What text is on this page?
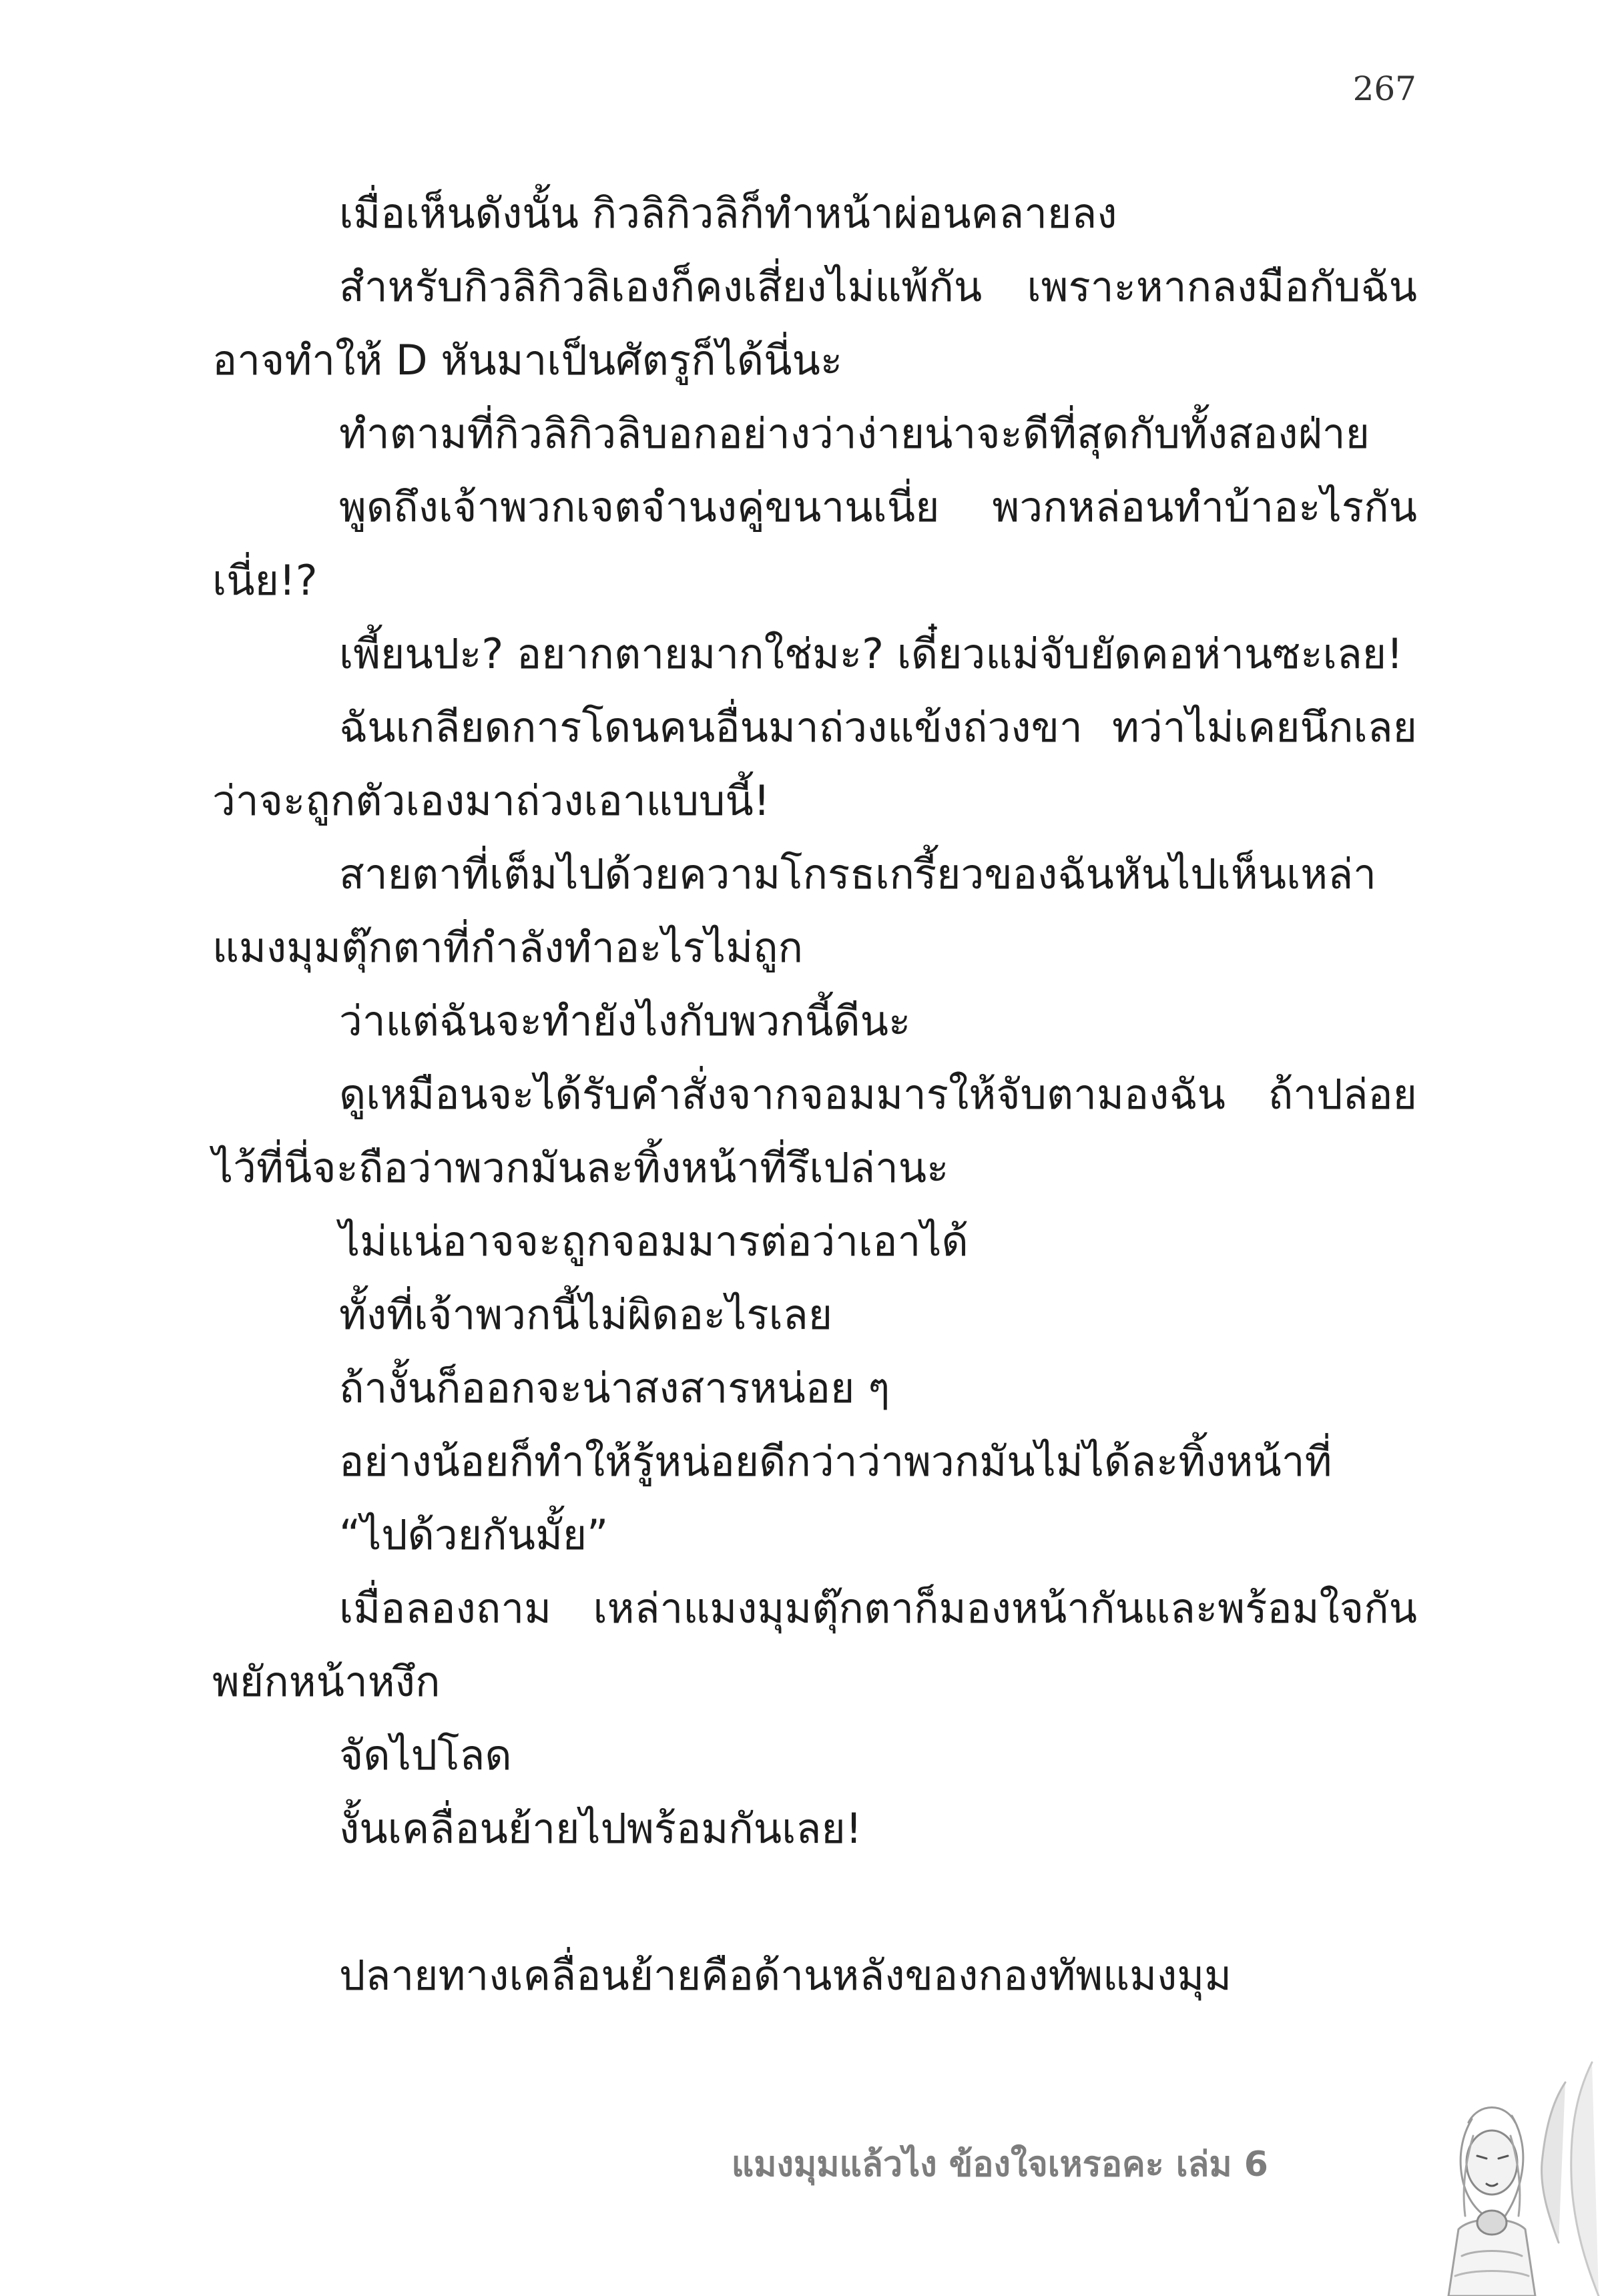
267

เมื่อเห็นดังนั้น กิวลิกิวลิก็ทำหน้าผ่อนคลายลง

สำหรับกิวลิกิวลิเองก็คงเสี่ยงไม่แพ้กัน เพราะหากลงมือกับฉัน อาจทำให้ D หันมาเป็นศัตรูก็ได้นี่นะ

ทำตามที่กิวลิกิวลิบอกอย่างว่าง่ายน่าจะดีที่สุดกับทั้งสองฝ่าย

พูดถึงเจ้าพวกเจตจำนงคู่ขนานเนี่ย พวกหล่อนทำบ้าอะไรกันเนี่ย!?

เพี้ยนปะ? อยากตายมากใช่มะ? เดี๋ยวแม่จับยัดคอห่านซะเลย!

ฉันเกลียดการโดนคนอื่นมาถ่วงแข้งถ่วงขา ทว่าไม่เคยนึกเลยว่าจะถูกตัวเองมาถ่วงเอาแบบนี้!

สายตาที่เต็มไปด้วยความโกรธเกรี้ยวของฉันหันไปเห็นเหล่าแมงมุมตุ๊กตาที่กำลังทำอะไรไม่ถูก

ว่าแต่ฉันจะทำยังไงกับพวกนี้ดีนะ

ดูเหมือนจะได้รับคำสั่งจากจอมมารให้จับตามองฉัน ถ้าปล่อยไว้ที่นี่จะถือว่าพวกมันละทิ้งหน้าที่รึเปล่านะ

ไม่แน่อาจจะถูกจอมมารต่อว่าเอาได้

ทั้งที่เจ้าพวกนี้ไม่ผิดอะไรเลย

ถ้างั้นก็ออกจะน่าสงสารหน่อย ๆ

อย่างน้อยก็ทำให้รู้หน่อยดีกว่าว่าพวกมันไม่ได้ละทิ้งหน้าที่

“ไปด้วยกันมั้ย”

เมื่อลองถาม เหล่าแมงมุมตุ๊กตาก็มองหน้ากันและพร้อมใจกันพยักหน้าหงึก

จัดไปโลด

งั้นเคลื่อนย้ายไปพร้อมกันเลย!

ปลายทางเคลื่อนย้ายคือด้านหลังของกองทัพแมงมุม

แมงมุมแล้วไง ข้องใจเหรอคะ เล่ม 6
